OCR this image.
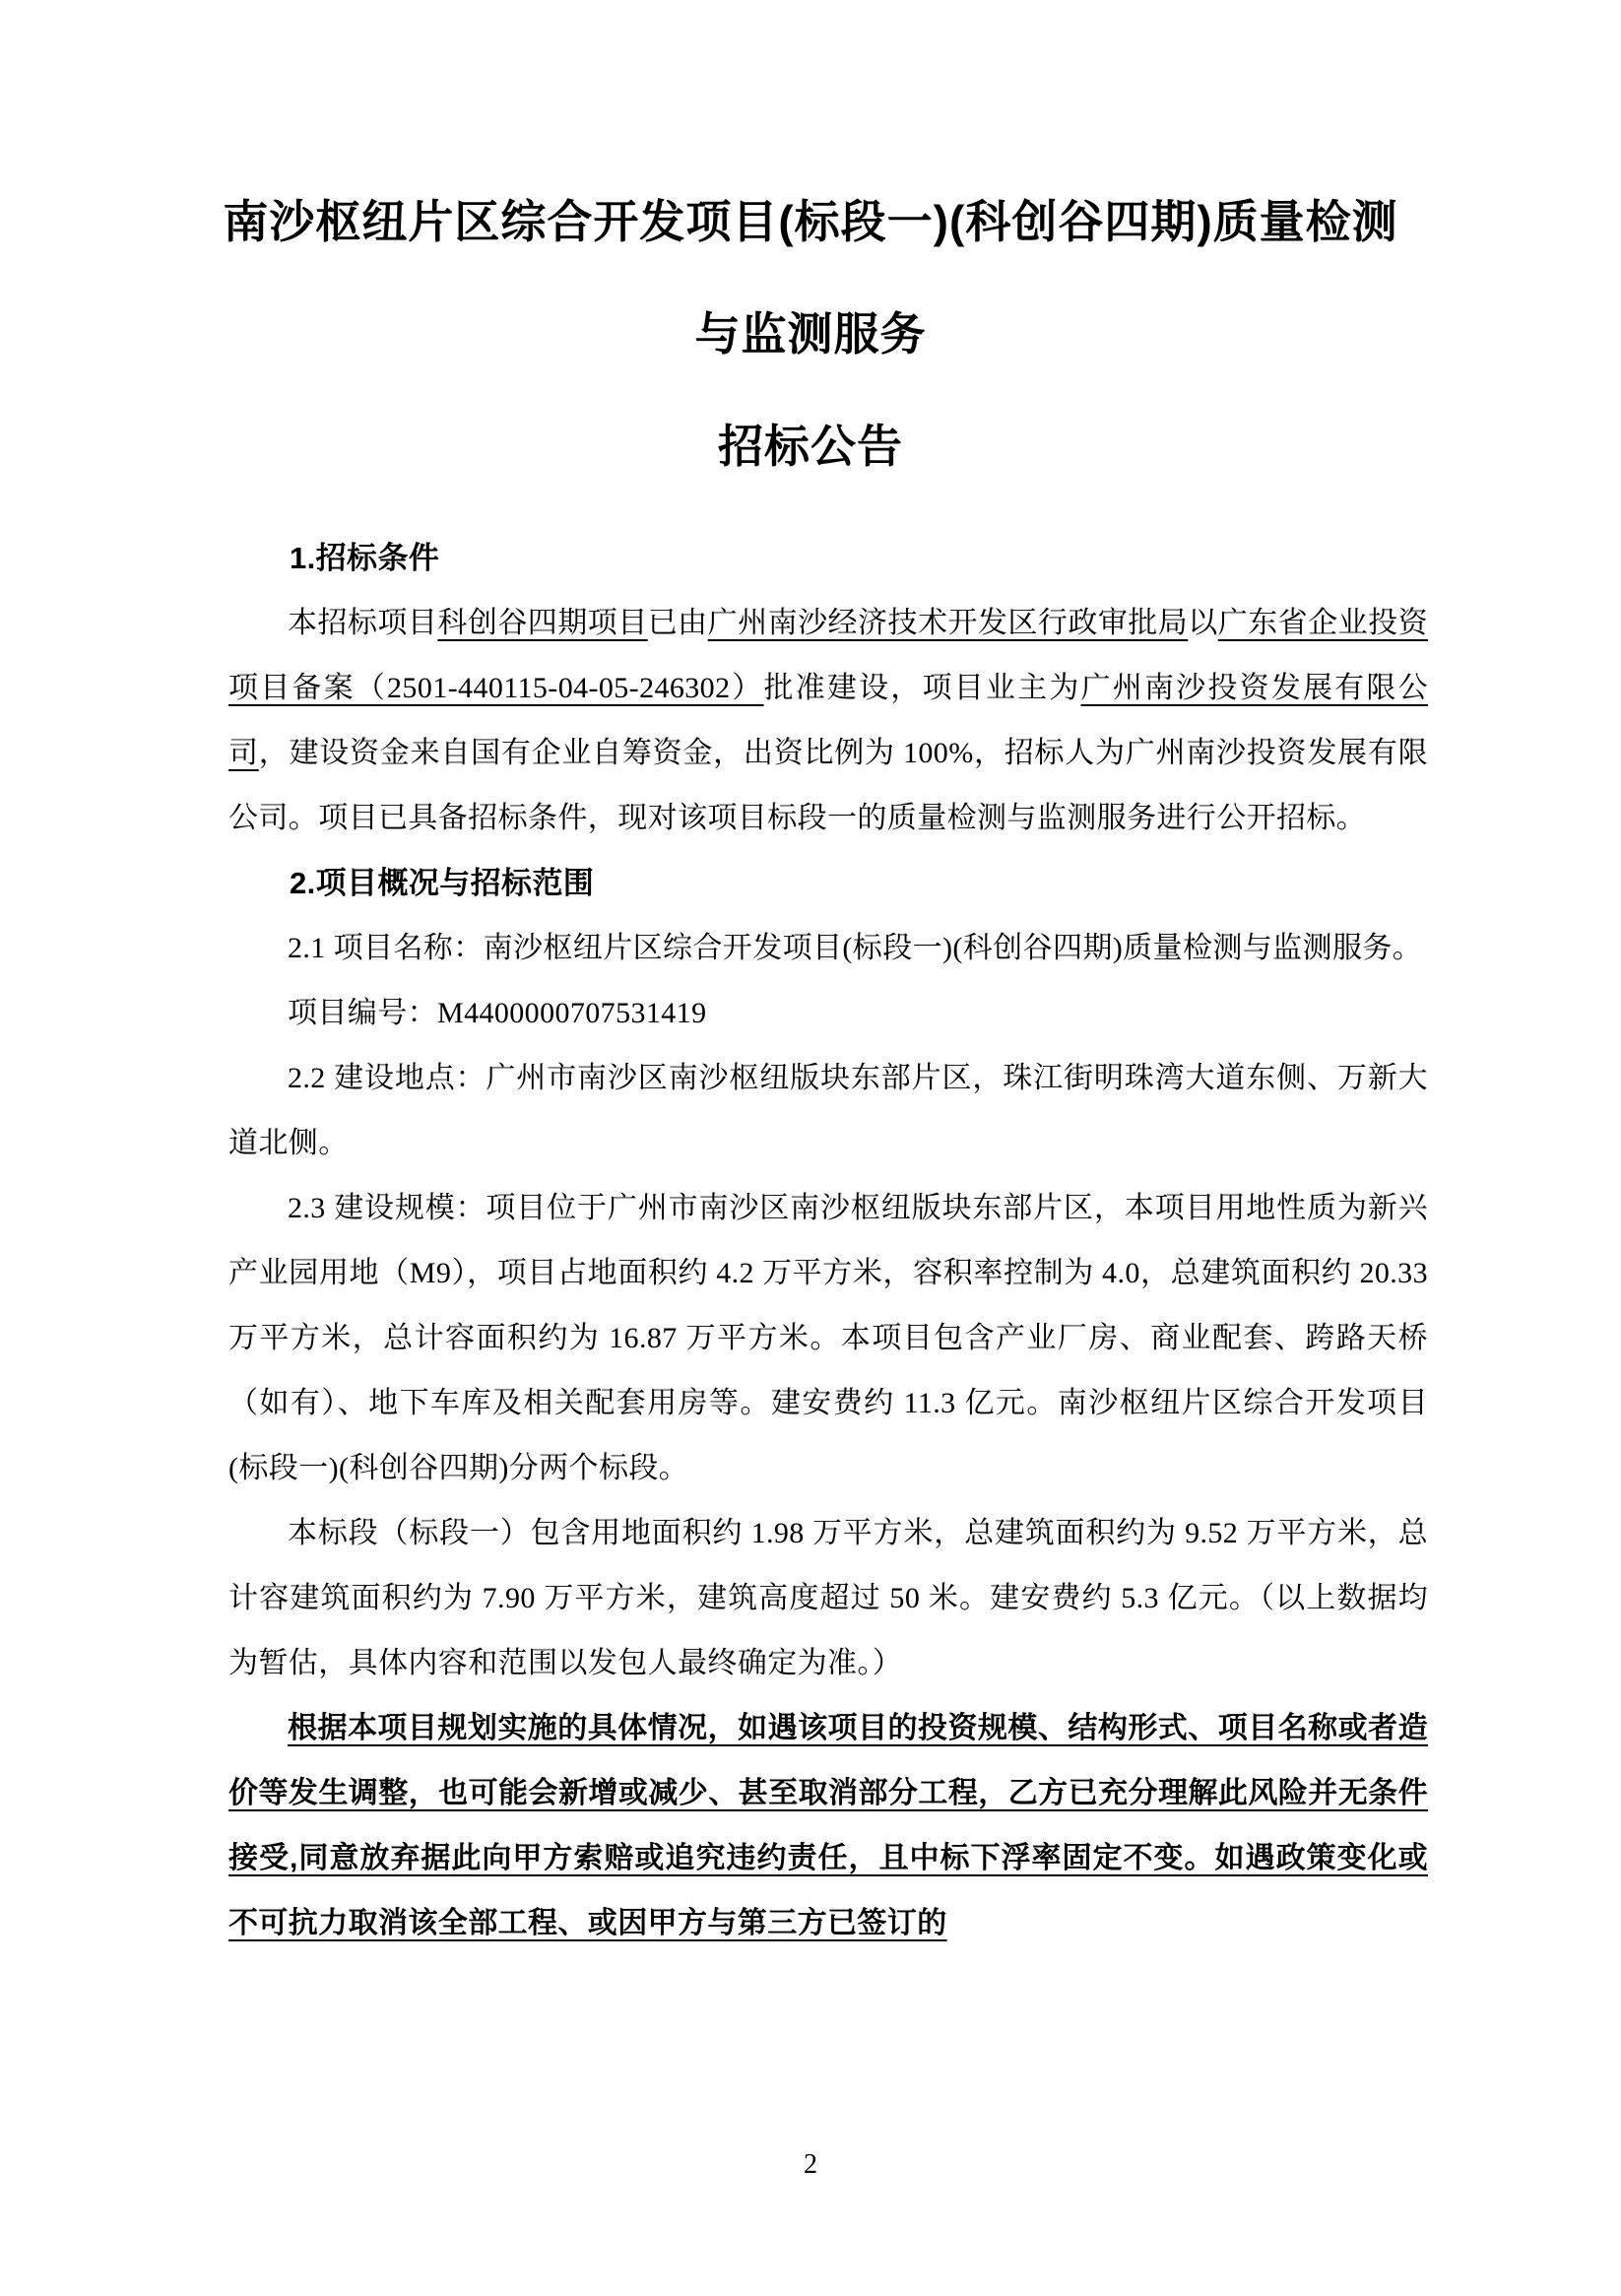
南沙枢纽片区综合开发项目(标段一)(科创谷四期)质量检测
与监测服务
招标公告
1.招标条件
本招标项目科创谷四期项目已由广州南沙经济技术开发区行政审批局以广东省企业投资项目备案（2501-440115-04-05-246302）批准建设，项目业主为广州南沙投资发展有限公司，建设资金来自国有企业自筹资金，出资比例为 100%，招标人为广州南沙投资发展有限公司。项目已具备招标条件，现对该项目标段一的质量检测与监测服务进行公开招标。
2.项目概况与招标范围
2.1 项目名称：南沙枢纽片区综合开发项目(标段一)(科创谷四期)质量检测与监测服务。
项目编号：M4400000707531419
2.2 建设地点：广州市南沙区南沙枢纽版块东部片区，珠江街明珠湾大道东侧、万新大道北侧。
2.3 建设规模：项目位于广州市南沙区南沙枢纽版块东部片区，本项目用地性质为新兴产业园用地（M9），项目占地面积约 4.2 万平方米，容积率控制为 4.0，总建筑面积约 20.33 万平方米，总计容面积约为 16.87 万平方米。本项目包含产业厂房、商业配套、跨路天桥（如有）、地下车库及相关配套用房等。建安费约 11.3 亿元。南沙枢纽片区综合开发项目(标段一)(科创谷四期)分两个标段。
本标段（标段一）包含用地面积约 1.98 万平方米，总建筑面积约为 9.52 万平方米，总计容建筑面积约为 7.90 万平方米，建筑高度超过 50 米。建安费约 5.3 亿元。（以上数据均为暂估，具体内容和范围以发包人最终确定为准。）
根据本项目规划实施的具体情况，如遇该项目的投资规模、结构形式、项目名称或者造价等发生调整，也可能会新增或减少、甚至取消部分工程，乙方已充分理解此风险并无条件接受,同意放弃据此向甲方索赔或追究违约责任，且中标下浮率固定不变。如遇政策变化或不可抗力取消该全部工程、或因甲方与第三方已签订的
2
